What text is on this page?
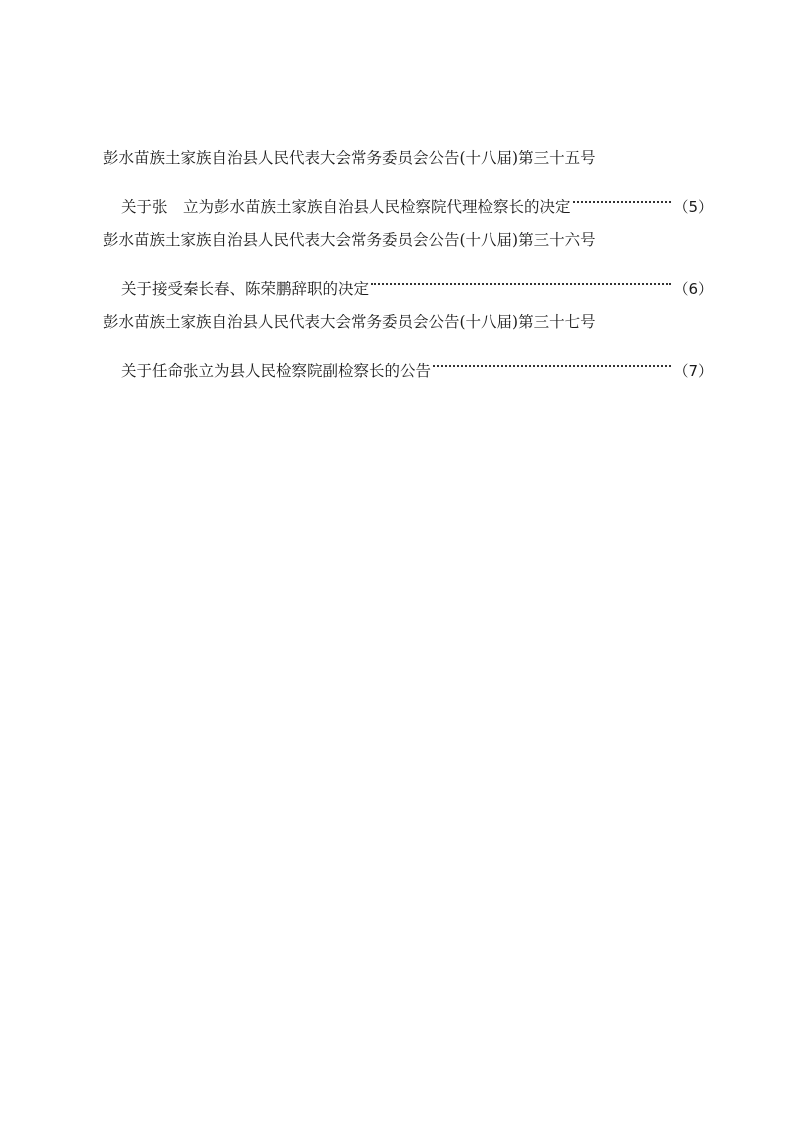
彭水苗族土家族自治县人民代表大会常务委员会公告(十八届)第三十五号
关于张　立为彭水苗族土家族自治县人民检察院代理检察长的决定	（5）
彭水苗族土家族自治县人民代表大会常务委员会公告(十八届)第三十六号
关于接受秦长春、陈荣鹏辞职的决定	（6）
彭水苗族土家族自治县人民代表大会常务委员会公告(十八届)第三十七号
关于任命张立为县人民检察院副检察长的公告	（7）
